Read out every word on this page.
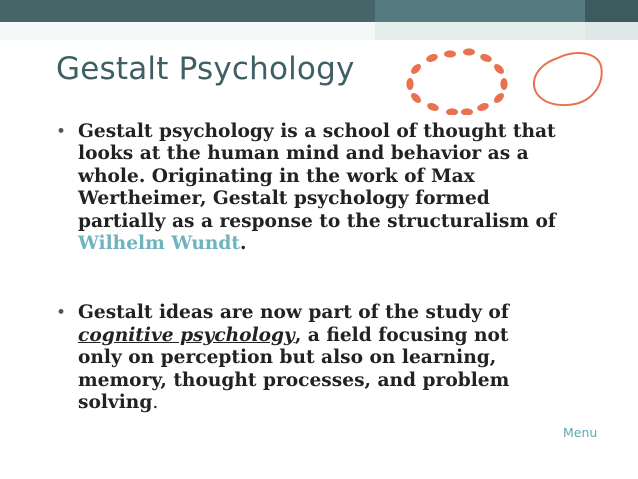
Gestalt Psychology
• Gestalt psychology is a school of thought that looks at the human mind and behavior as a whole. Originating in the work of Max Wertheimer, Gestalt psychology formed partially as a response to the structuralism of Wilhelm Wundt.
• Gestalt ideas are now part of the study of cognitive psychology, a field focusing not only on perception but also on learning, memory, thought processes, and problem solving.
Menu
